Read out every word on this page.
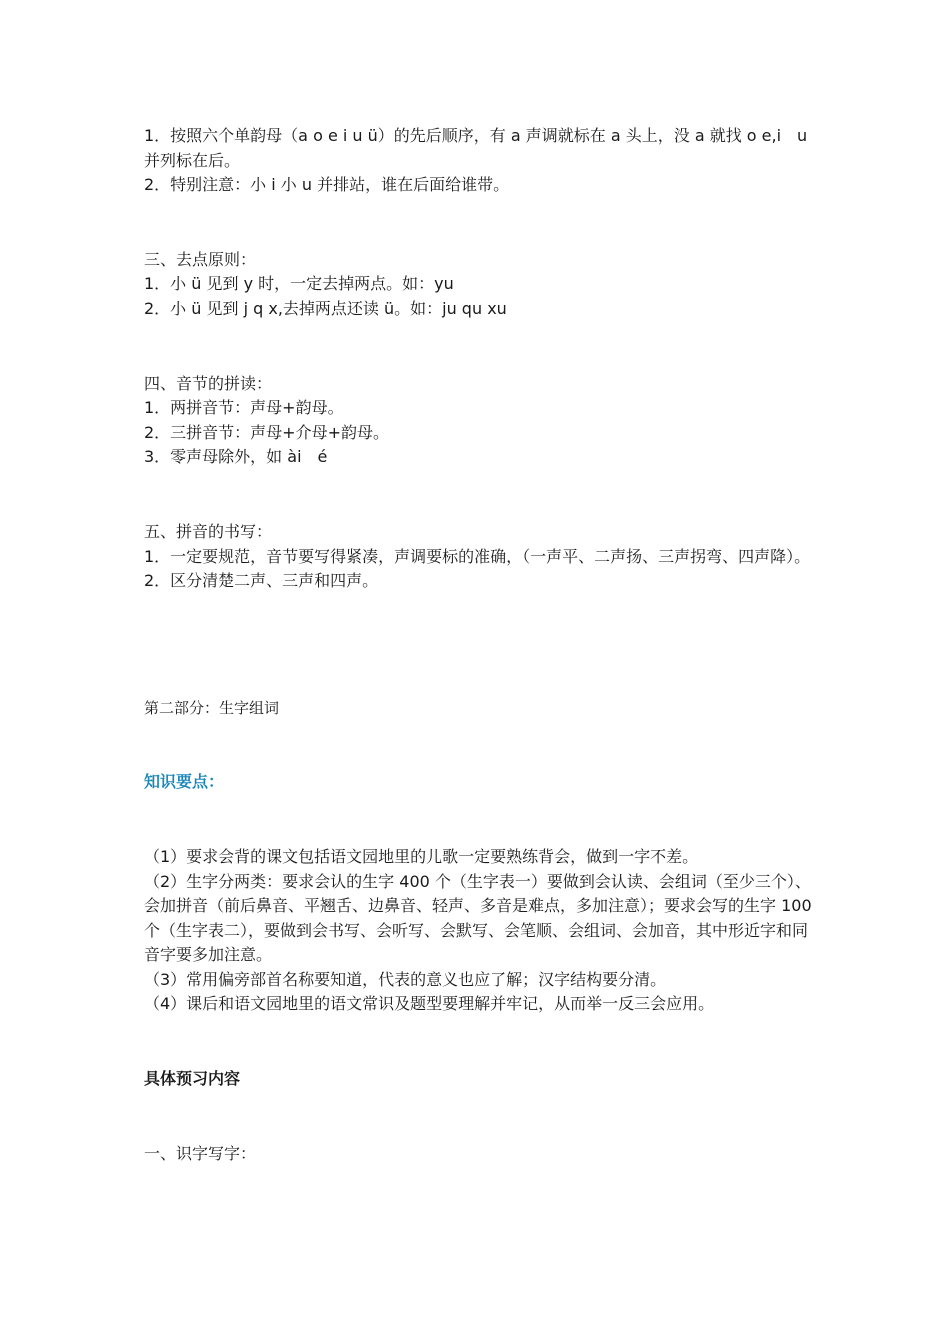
1．按照六个单韵母（a o e i u ü）的先后顺序，有 a 声调就标在 a 头上，没 a 就找 o e,i　u 并列标在后。

2．特别注意：小 i 小 u 并排站，谁在后面给谁带。

三、去点原则：

1．小 ü 见到 y 时，一定去掉两点。如：yu

2．小 ü 见到 j q x,去掉两点还读 ü。如：ju qu xu

四、音节的拼读：

1．两拼音节：声母+韵母。

2．三拼音节：声母+介母+韵母。

3．零声母除外，如 ài　é

五、拼音的书写：

1．一定要规范，音节要写得紧凑，声调要标的准确，（一声平、二声扬、三声拐弯、四声降）。

2．区分清楚二声、三声和四声。

第二部分：生字组词

知识要点：

（1）要求会背的课文包括语文园地里的儿歌一定要熟练背会，做到一字不差。

（2）生字分两类：要求会认的生字 400 个（生字表一）要做到会认读、会组词（至少三个）、

会加拼音（前后鼻音、平翘舌、边鼻音、轻声、多音是难点，多加注意）；要求会写的生字 100 个（生字表二），要做到会书写、会听写、会默写、会笔顺、会组词、会加音，其中形近字和同音字要多加注意。

（3）常用偏旁部首名称要知道，代表的意义也应了解；汉字结构要分清。

（4）课后和语文园地里的语文常识及题型要理解并牢记，从而举一反三会应用。

具体预习内容

一、识字写字：
